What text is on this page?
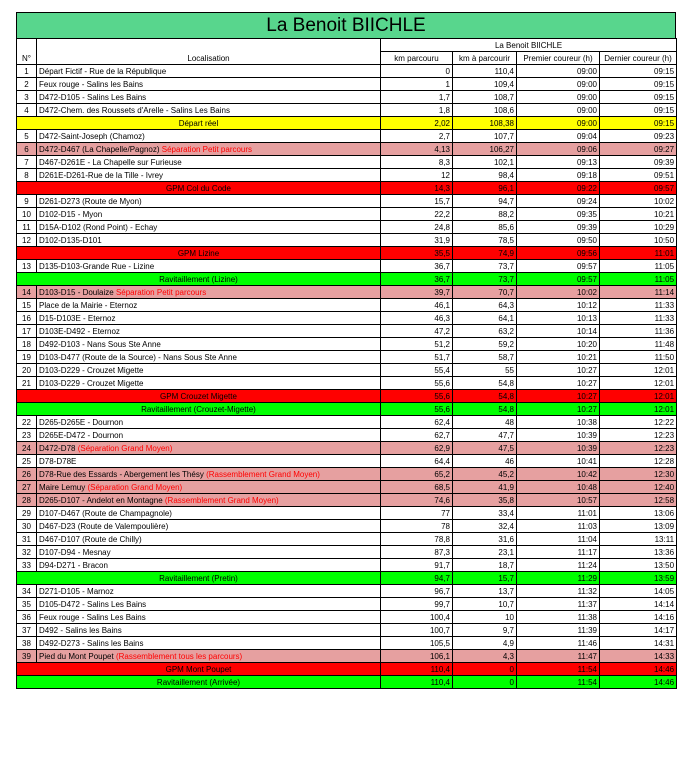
La Benoit BIICHLE
N°	Localisation	La Benoit BIICHLE			
		km parcouru	km à parcourir	Premier coureur (h)	Dernier coureur (h)
1	Départ Fictif - Rue de la République	0	110,4	09:00	09:15
2	Feux rouge - Salins les Bains	1	109,4	09:00	09:15
3	D472-D105 - Salins Les Bains	1,7	108,7	09:00	09:15
4	D472-Chem. des Roussets d'Arelle - Salins Les Bains	1,8	108,6	09:00	09:15
Départ réel		2,02	108,38	09:00	09:15
5	D472-Saint-Joseph (Chamoz)	2,7	107,7	09:04	09:23
6	D472-D467 (La Chapelle/Pagnoz) Séparation Petit parcours	4,13	106,27	09:06	09:27
7	D467-D261E - La Chapelle sur Furieuse	8,3	102,1	09:13	09:39
8	D261E-D261-Rue de la Tille - Ivrey	12	98,4	09:18	09:51
GPM Col du Code		14,3	96,1	09:22	09:57
9	D261-D273 (Route de Myon)	15,7	94,7	09:24	10:02
10	D102-D15 - Myon	22,2	88,2	09:35	10:21
11	D15A-D102 (Rond Point) - Echay	24,8	85,6	09:39	10:29
12	D102-D135-D101	31,9	78,5	09:50	10:50
GPM Lizine		35,5	74,9	09:56	11:01
13	D135-D103-Grande Rue - Lizine	36,7	73,7	09:57	11:05
Ravitaillement (Lizine)		36,7	73,7	09:57	11:05
14	D103-D15 - Doulaize Séparation Petit parcours	39,7	70,7	10:02	11:14
15	Place de la Mairie - Eternoz	46,1	64,3	10:12	11:33
16	D15-D103E - Eternoz	46,3	64,1	10:13	11:33
17	D103E-D492 - Eternoz	47,2	63,2	10:14	11:36
18	D492-D103 - Nans Sous Ste Anne	51,2	59,2	10:20	11:48
19	D103-D477 (Route de la Source) - Nans Sous Ste Anne	51,7	58,7	10:21	11:50
20	D103-D229 - Crouzet Migette	55,4	55	10:27	12:01
21	D103-D229 - Crouzet Migette	55,6	54,8	10:27	12:01
GPM Crouzet Migette		55,6	54,8	10:27	12:01
Ravitaillement (Crouzet-Migette)		55,6	54,8	10:27	12:01
22	D265-D265E - Dournon	62,4	48	10:38	12:22
23	D265E-D472 - Dournon	62,7	47,7	10:39	12:23
24	D472-D78 (Séparation Grand Moyen)	62,9	47,5	10:39	12:23
25	D78-D78E	64,4	46	10:41	12:28
26	D78-Rue des Essards - Abergement les Thésy (Rassemblement Grand Moyen)	65,2	45,2	10:42	12:30
27	Maire Lemuy (Séparation Grand Moyen)	68,5	41,9	10:48	12:40
28	D265-D107 - Andelot en Montagne (Rassemblement Grand Moyen)	74,6	35,8	10:57	12:58
29	D107-D467 (Route de Champagnole)	77	33,4	11:01	13:06
30	D467-D23 (Route de Valempoulière)	78	32,4	11:03	13:09
31	D467-D107 (Route de Chilly)	78,8	31,6	11:04	13:11
32	D107-D94 - Mesnay	87,3	23,1	11:17	13:36
33	D94-D271 - Bracon	91,7	18,7	11:24	13:50
Ravitaillement (Pretin)		94,7	15,7	11:29	13:59
34	D271-D105 - Marnoz	96,7	13,7	11:32	14:05
35	D105-D472 - Salins Les Bains	99,7	10,7	11:37	14:14
36	Feux rouge - Salins Les Bains	100,4	10	11:38	14:16
37	D492 - Salins les Bains	100,7	9,7	11:39	14:17
38	D492-D273 - Salins les Bains	105,5	4,9	11:46	14:31
39	Pied du Mont Poupet (Rassemblement tous les parcours)	106,1	4,3	11:47	14:33
GPM Mont Poupet		110,4	0	11:54	14:46
Ravitaillement (Arrivée)		110,4	0	11:54	14:46
